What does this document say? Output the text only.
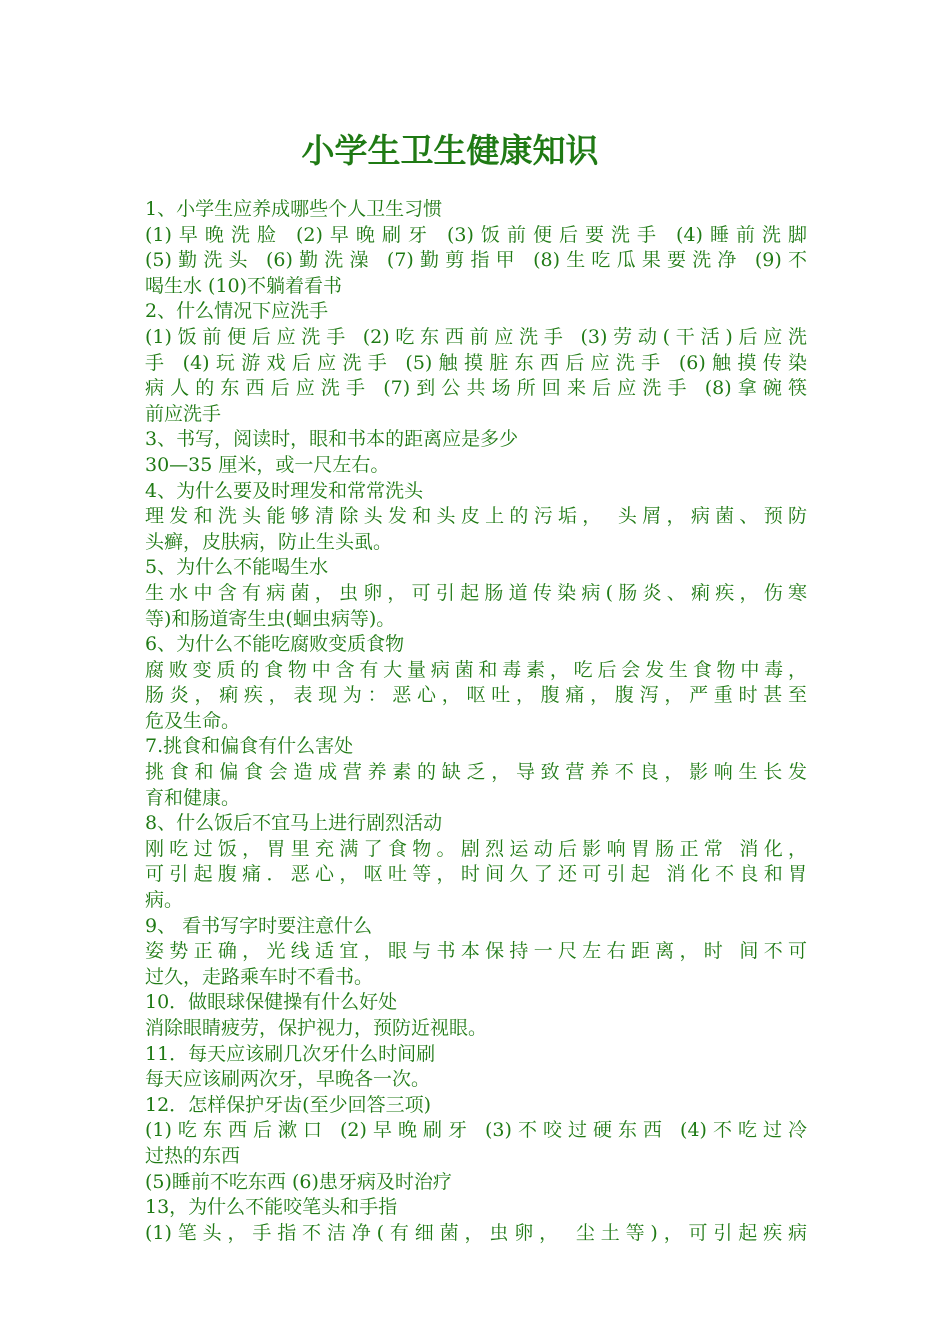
小学生卫生健康知识
1、小学生应养成哪些个人卫生习惯
(1)早晚洗脸 (2)早晚刷牙 (3)饭前便后要洗手 (4)睡前洗脚
(5)勤洗头 (6)勤洗澡 (7)勤剪指甲 (8)生吃瓜果要洗净 (9)不
喝生水 (10)不躺着看书
2、什么情况下应洗手
(1)饭前便后应洗手 (2)吃东西前应洗手 (3)劳动(干活)后应洗
手 (4)玩游戏后应洗手 (5)触摸脏东西后应洗手 (6)触摸传染
病人的东西后应洗手 (7)到公共场所回来后应洗手 (8)拿碗筷
前应洗手
3、书写，阅读时，眼和书本的距离应是多少
30—35 厘米，或一尺左右。
4、为什么要及时理发和常常洗头
理发和洗头能够清除头发和头皮上的污垢， 头屑，病菌、预防
头癣，皮肤病，防止生头虱。
5、为什么不能喝生水
生水中含有病菌，虫卵，可引起肠道传染病(肠炎、痢疾，伤寒
等)和肠道寄生虫(蛔虫病等)。
6、为什么不能吃腐败变质食物
腐败变质的食物中含有大量病菌和毒素，吃后会发生食物中毒，
肠炎，痢疾，表现为：恶心，呕吐，腹痛，腹泻，严重时甚至
危及生命。
7.挑食和偏食有什么害处
挑食和偏食会造成营养素的缺乏，导致营养不良，影响生长发
育和健康。
8、什么饭后不宜马上进行剧烈活动
刚吃过饭，胃里充满了食物。剧烈运动后影响胃肠正常 消化，
可引起腹痛．恶心，呕吐等，时间久了还可引起 消化不良和胃
病。
9、 看书写字时要注意什么
姿势正确，光线适宜，眼与书本保持一尺左右距离，时 间不可
过久，走路乘车时不看书。
10．做眼球保健操有什么好处
消除眼睛疲劳，保护视力，预防近视眼。
11．每天应该刷几次牙什么时间刷
每天应该刷两次牙，早晚各一次。
12．怎样保护牙齿(至少回答三项)
(1)吃东西后漱口 (2)早晚刷牙 (3)不咬过硬东西 (4)不吃过冷
过热的东西
(5)睡前不吃东西 (6)患牙病及时治疗
13，为什么不能咬笔头和手指
(1)笔头，手指不洁净(有细菌，虫卵， 尘土等)，可引起疾病
